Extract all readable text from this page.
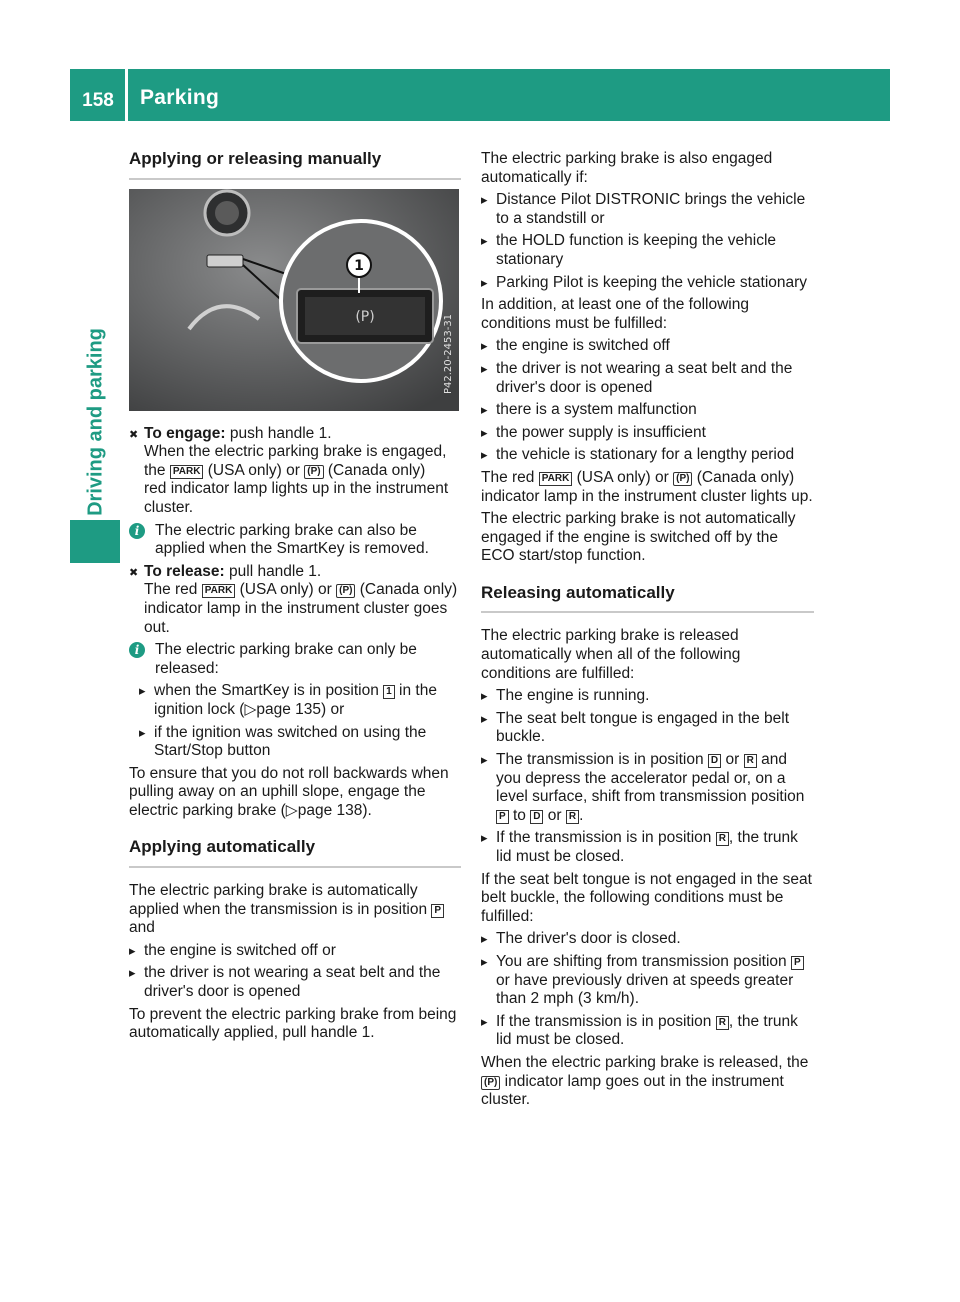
158	Parking
Driving and parking
Applying or releasing manually
(P)
1
P42.20-2453-31
✖ To engage: push handle 1.
When the electric parking brake is engaged,
the PARK (USA only) or (P) (Canada only)
red indicator lamp lights up in the instrument cluster.
i	The electric parking brake can also be applied when the SmartKey is removed.
✖ To release: pull handle 1.
The red PARK (USA only) or (P) (Canada only) indicator lamp in the instrument cluster goes out.
i	The electric parking brake can only be released:
▸ when the SmartKey is in position 1 in the ignition lock (▷page 135) or
▸ if the ignition was switched on using the Start/Stop button

To ensure that you do not roll backwards when pulling away on an uphill slope, engage the electric parking brake (▷page 138).

Applying automatically

The electric parking brake is automatically applied when the transmission is in position P and

▸ the engine is switched off or
▸ the driver is not wearing a seat belt and the driver's door is opened

To prevent the electric parking brake from being automatically applied, pull handle 1.

The electric parking brake is also engaged automatically if:

▸ Distance Pilot DISTRONIC brings the vehicle to a standstill or
▸ the HOLD function is keeping the vehicle stationary
▸ Parking Pilot is keeping the vehicle stationary

In addition, at least one of the following conditions must be fulfilled:

▸ the engine is switched off
▸ the driver is not wearing a seat belt and the driver's door is opened
▸ there is a system malfunction
▸ the power supply is insufficient
▸ the vehicle is stationary for a lengthy period

The red PARK (USA only) or (P) (Canada only) indicator lamp in the instrument cluster lights up.

The electric parking brake is not automatically engaged if the engine is switched off by the ECO start/stop function.

Releasing automatically

The electric parking brake is released automatically when all of the following conditions are fulfilled:

▸ The engine is running.
▸ The seat belt tongue is engaged in the belt buckle.
▸ The transmission is in position D or R and you depress the accelerator pedal or, on a level surface, shift from transmission position P to D or R .
▸ If the transmission is in position R , the trunk lid must be closed.

If the seat belt tongue is not engaged in the seat belt buckle, the following conditions must be fulfilled:

▸ The driver's door is closed.
▸ You are shifting from transmission position P or have previously driven at speeds greater than 2 mph (3 km/h).
▸ If the transmission is in position R , the trunk lid must be closed.

When the electric parking brake is released, the (P) indicator lamp goes out in the instrument cluster.
